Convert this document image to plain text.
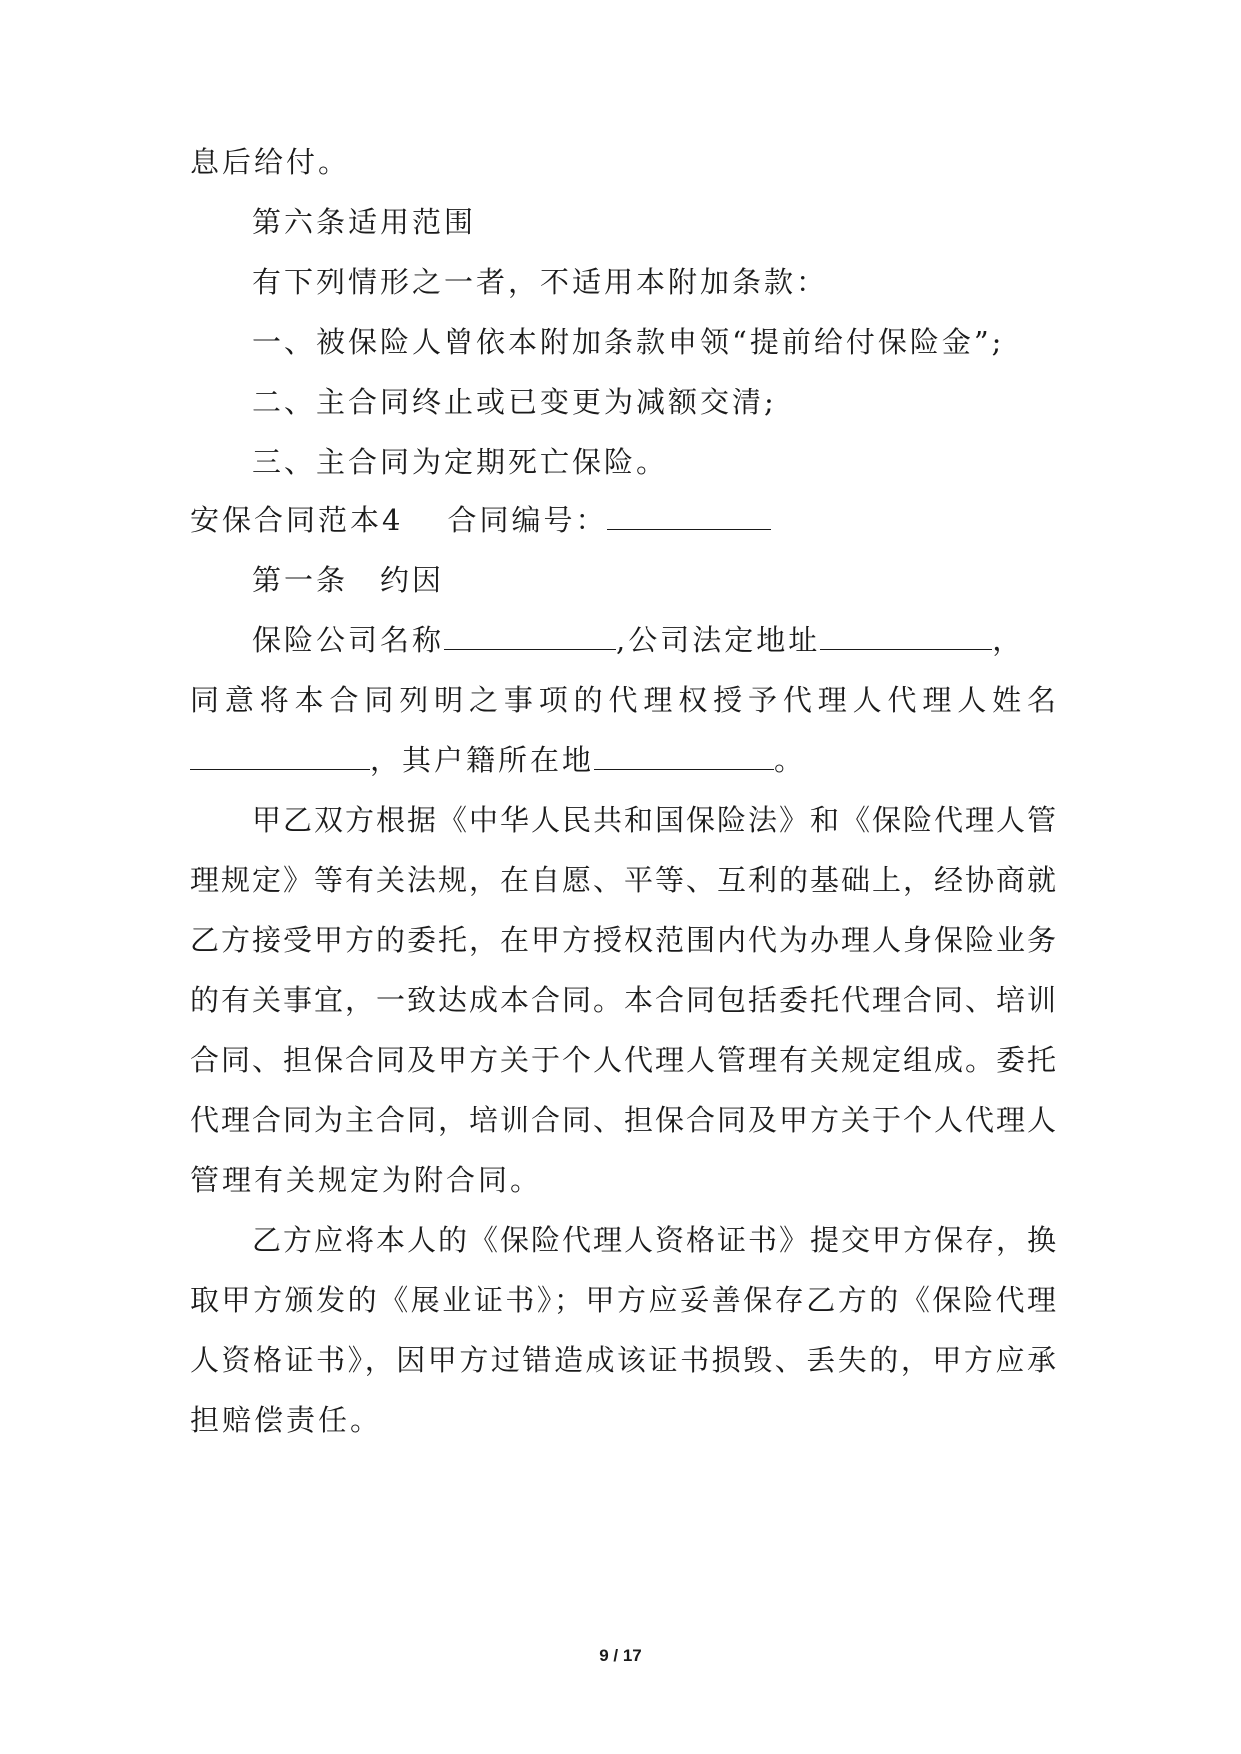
息后给付。
第六条适用范围
有下列情形之一者，不适用本附加条款：
一、被保险人曾依本附加条款申领“提前给付保险金”;
二、主合同终止或已变更为减额交清;
三、主合同为定期死亡保险。
安保合同范本4 合同编号：
第一条　约因
保险公司名称	,公司法定地址	，
同意将本合同列明之事项的代理权授予代理人代理人姓名
，其户籍所在地	。
甲乙双方根据《中华人民共和国保险法》和《保险代理人管
理规定》等有关法规，在自愿、平等、互利的基础上，经协商就
乙方接受甲方的委托，在甲方授权范围内代为办理人身保险业务
的有关事宜，一致达成本合同。本合同包括委托代理合同、培训
合同、担保合同及甲方关于个人代理人管理有关规定组成。委托
代理合同为主合同，培训合同、担保合同及甲方关于个人代理人
管理有关规定为附合同。
乙方应将本人的《保险代理人资格证书》提交甲方保存，换
取甲方颁发的《展业证书》；甲方应妥善保存乙方的《保险代理
人资格证书》，因甲方过错造成该证书损毁、丢失的，甲方应承
担赔偿责任。
9 / 17
